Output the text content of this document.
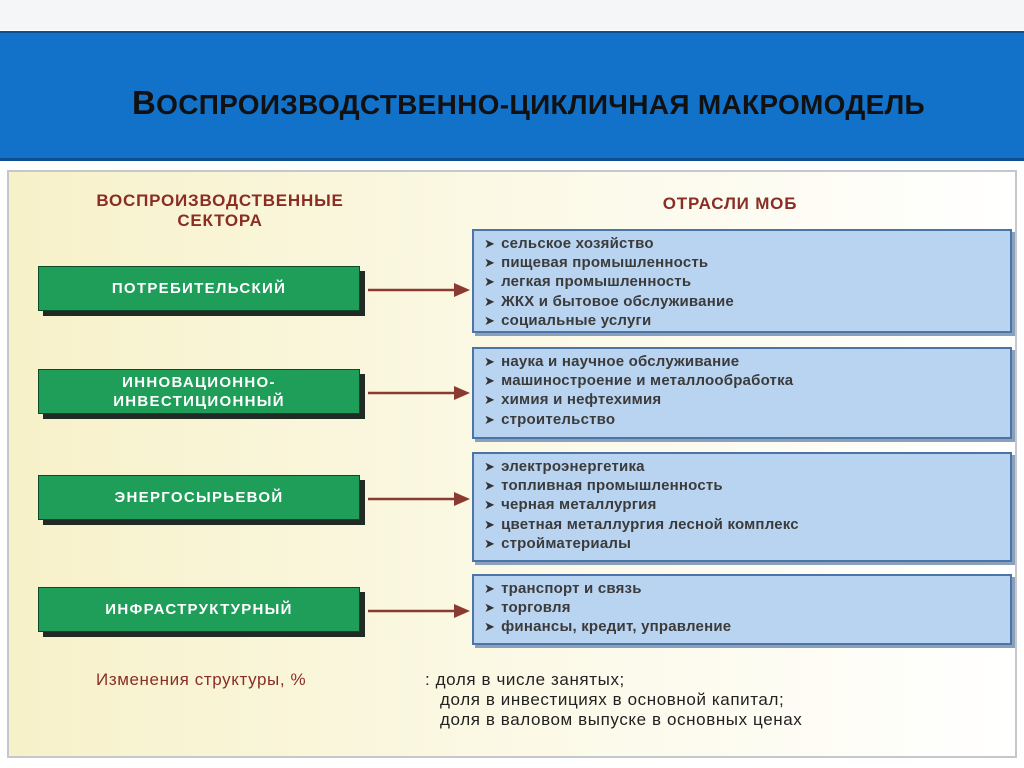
ВОСПРОИЗВОДСТВЕННО-ЦИКЛИЧНАЯ МАКРОМОДЕЛЬ
ВОСПРОИЗВОДСТВЕННЫЕ
СЕКТОРА
ОТРАСЛИ МОБ
ПОТРЕБИТЕЛЬСКИЙ
ИННОВАЦИОННО-
ИНВЕСТИЦИОННЫЙ
ЭНЕРГОСЫРЬЕВОЙ
ИНФРАСТРУКТУРНЫЙ
➤ сельское хозяйство
➤ пищевая промышленность
➤ легкая промышленность
➤ ЖКХ и бытовое обслуживание
➤ социальные услуги
➤ наука и научное обслуживание
➤ машиностроение и металлообработка
➤ химия и нефтехимия
➤ строительство
➤ электроэнергетика
➤ топливная промышленность
➤ черная металлургия
➤ цветная металлургия лесной комплекс
➤ стройматериалы
➤ транспорт и связь
➤ торговля
➤ финансы, кредит, управление
Изменения структуры, %	: доля в числе занятых;
доля в инвестициях в основной капитал;
доля в валовом выпуске в основных ценах
